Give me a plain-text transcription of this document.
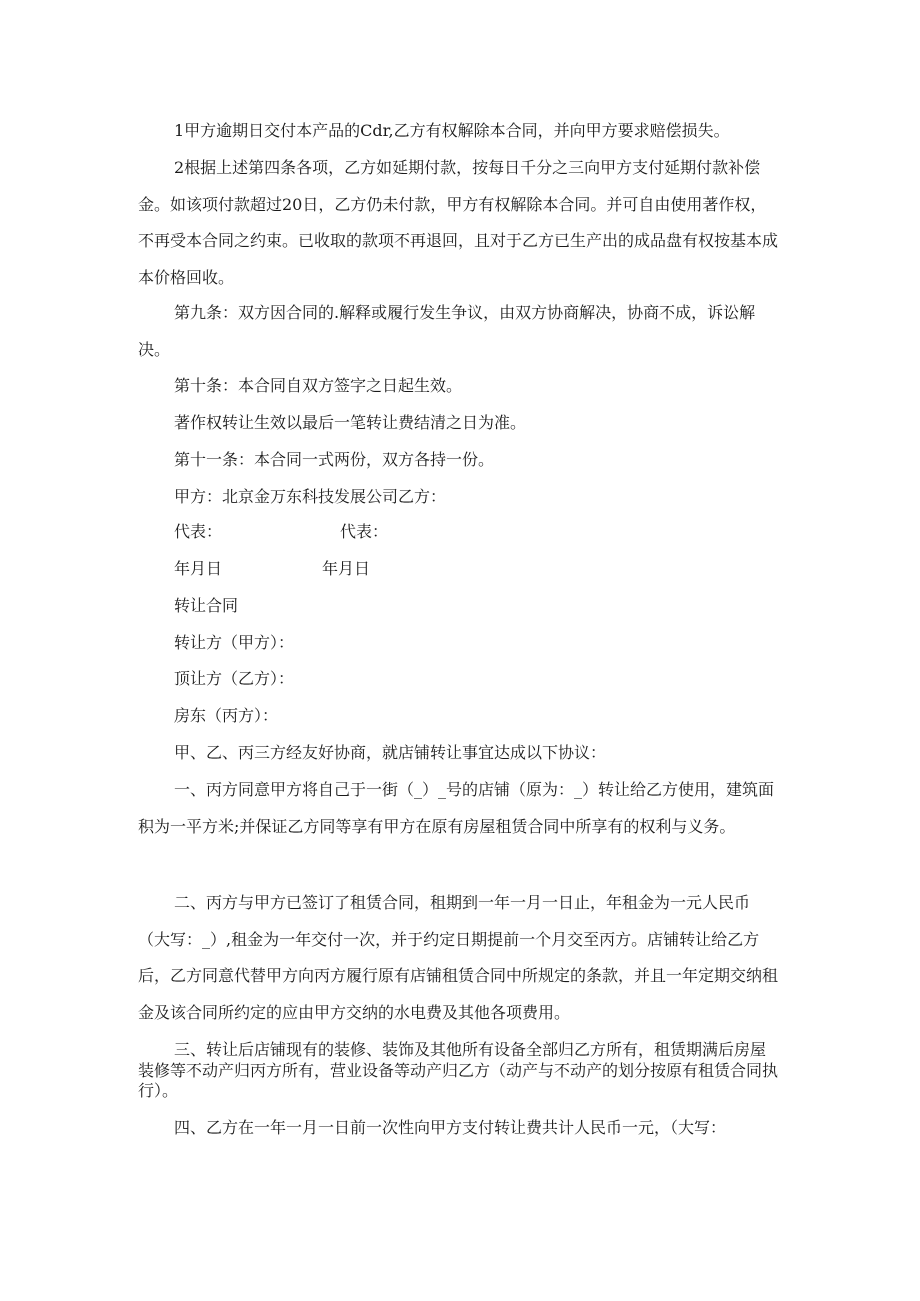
1甲方逾期日交付本产品的Cdr,乙方有权解除本合同，并向甲方要求赔偿损失。

2根据上述第四条各项，乙方如延期付款，按每日千分之三向甲方支付延期付款补偿金。如该项付款超过20日，乙方仍未付款，甲方有权解除本合同。并可自由使用著作权，不再受本合同之约束。已收取的款项不再退回，且对于乙方已生产出的成品盘有权按基本成本价格回收。

第九条：双方因合同的.解释或履行发生争议，由双方协商解决，协商不成，诉讼解决。

第十条：本合同自双方签字之日起生效。

著作权转让生效以最后一笔转让费结清之日为准。

第十一条：本合同一式两份，双方各持一份。

甲方：北京金万东科技发展公司乙方：

代表：	代表：

年月日	年月日

转让合同

转让方（甲方）：

顶让方（乙方）：

房东（丙方）：

甲、乙、丙三方经友好协商，就店铺转让事宜达成以下协议：

一、丙方同意甲方将自己于一街（_）_号的店铺（原为：_）转让给乙方使用，建筑面积为一平方米;并保证乙方同等享有甲方在原有房屋租赁合同中所享有的权利与义务。

二、丙方与甲方已签订了租赁合同，租期到一年一月一日止，年租金为一元人民币（大写：_）,租金为一年交付一次，并于约定日期提前一个月交至丙方。店铺转让给乙方后，乙方同意代替甲方向丙方履行原有店铺租赁合同中所规定的条款，并且一年定期交纳租金及该合同所约定的应由甲方交纳的水电费及其他各项费用。

三、转让后店铺现有的装修、装饰及其他所有设备全部归乙方所有，租赁期满后房屋装修等不动产归丙方所有，营业设备等动产归乙方（动产与不动产的划分按原有租赁合同执行）。

四、乙方在一年一月一日前一次性向甲方支付转让费共计人民币一元，（大写：
